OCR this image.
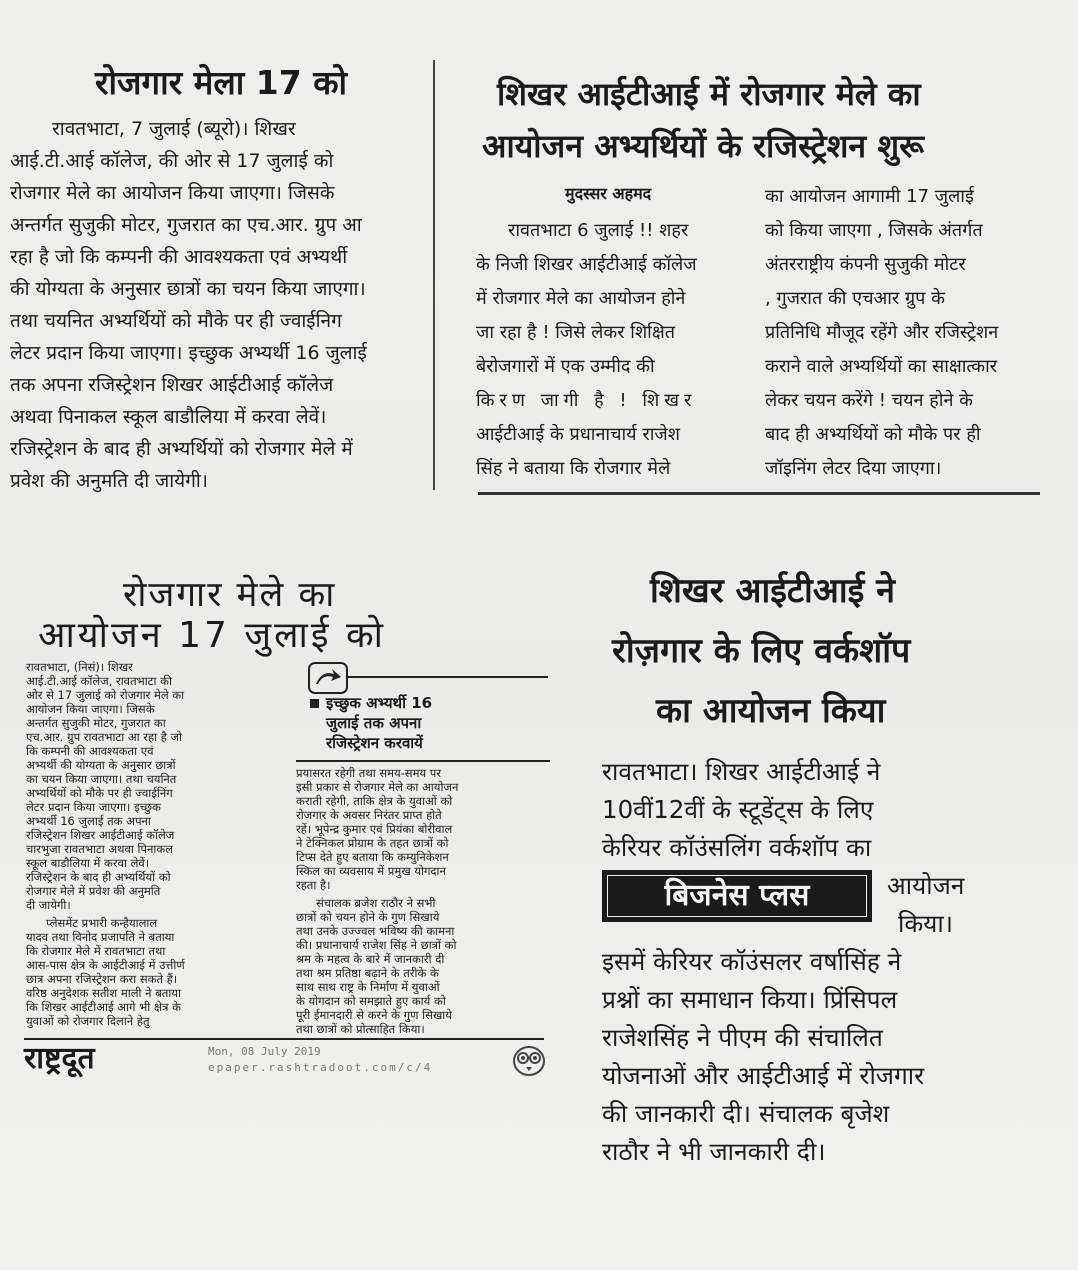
रोजगार मेला 17 को
रावतभाटा, 7 जुलाई (ब्यूरो)। शिखर
आई.टी.आई कॉलेज, की ओर से 17 जुलाई को
रोजगार मेले का आयोजन किया जाएगा। जिसके
अन्तर्गत सुजुकी मोटर, गुजरात का एच.आर. ग्रुप आ
रहा है जो कि कम्पनी की आवश्यकता एवं अभ्यर्थी
की योग्यता के अनुसार छात्रों का चयन किया जाएगा।
तथा चयनित अभ्यर्थियों को मौके पर ही ज्वाईनिग
लेटर प्रदान किया जाएगा। इच्छुक अभ्यर्थी 16 जुलाई
तक अपना रजिस्ट्रेशन शिखर आईटीआई कॉलेज
अथवा पिनाकल स्कूल बाडौलिया में करवा लेवें।
रजिस्ट्रेशन के बाद ही अभ्यर्थियों को रोजगार मेले में
प्रवेश की अनुमति दी जायेगी।
शिखर आईटीआई में रोजगार मेले का
आयोजन अभ्यर्थियों के रजिस्ट्रेशन शुरू
मुदस्सर अहमद
रावतभाटा 6 जुलाई !! शहर
के निजी शिखर आईटीआई कॉलेज
में रोजगार मेले का आयोजन होने
जा रहा है ! जिसे लेकर शिक्षित
बेरोजगारों में एक उम्मीद की
किरण जागी है ! शिखर
आईटीआई के प्रधानाचार्य राजेश
सिंह ने बताया कि रोजगार मेले
का आयोजन आगामी 17 जुलाई
को किया जाएगा , जिसके अंतर्गत
अंतरराष्ट्रीय कंपनी सुजुकी मोटर
, गुजरात की एचआर ग्रुप के
प्रतिनिधि मौजूद रहेंगे और रजिस्ट्रेशन
कराने वाले अभ्यर्थियों का साक्षात्कार
लेकर चयन करेंगे ! चयन होने के
बाद ही अभ्यर्थियों को मौके पर ही
जॉइनिंग लेटर दिया जाएगा।
रोजगार मेले का
आयोजन 17 जुलाई को
रावतभाटा, (निसं)। शिखर
आई.टी.आई कॉलेज, रावतभाटा की
ओर से 17 जुलाई को रोजगार मेले का
आयोजन किया जाएगा। जिसके
अन्तर्गत सुजुकी मोटर, गुजरात का
एच.आर. ग्रुप रावतभाटा आ रहा है जो
कि कम्पनी की आवश्यकता एवं
अभ्यर्थी की योग्यता के अनुसार छात्रों
का चयन किया जाएगा। तथा चयनित
अभ्यर्थियों को मौके पर ही ज्वाईनिंग
लेटर प्रदान किया जाएगा। इच्छुक
अभ्यर्थी 16 जुलाई तक अपना
रजिस्ट्रेशन शिखर आईटीआई कॉलेज
चारभुजा रावतभाटा अथवा पिनाकल
स्कूल बाडौलिया में करवा लेवें।
रजिस्ट्रेशन के बाद ही अभ्यर्थियों को
रोजगार मेले में प्रवेश की अनुमति
दी जायेगी।
प्लेसमेंट प्रभारी कन्हैयालाल
यादव तथा विनोद प्रजापति ने बताया
कि रोजगार मेले में रावतभाटा तथा
आस-पास क्षेत्र के आईटीआई में उत्तीर्ण
छात्र अपना रजिस्ट्रेशन करा सकते हैं।
वरिष्ठ अनुदेशक सतीश माली ने बताया
कि शिखर आईटीआई आगे भी क्षेत्र के
युवाओं को रोजगार दिलाने हेतु
इच्छुक अभ्यर्थी 16
जुलाई तक अपना
रजिस्ट्रेशन करवायें
प्रयासरत रहेगी तथा समय-समय पर
इसी प्रकार से रोजगार मेले का आयोजन
कराती रहेगी, ताकि क्षेत्र के युवाओं को
रोजगार के अवसर निरंतर प्राप्त होते
रहें। भूपेन्द्र कुमार एवं प्रियंका बोरीवाल
ने टेक्निकल प्रोग्राम के तहत छात्रों को
टिप्स देते हुए बताया कि कम्युनिकेशन
स्किल का व्यवसाय में प्रमुख योगदान
रहता है।
संचालक ब्रजेश राठौर ने सभी
छात्रों को चयन होने के गुण सिखाये
तथा उनके उज्ज्वल भविष्य की कामना
की। प्रधानाचार्य राजेश सिंह ने छात्रों को
श्रम के महत्व के बारे में जानकारी दी
तथा श्रम प्रतिष्ठा बढ़ाने के तरीके के
साथ साथ राष्ट्र के निर्माण में युवाओं
के योगदान को समझाते हुए कार्य को
पूरी ईमानदारी से करने के गुण सिखाये
तथा छात्रों को प्रोत्साहित किया।
राष्ट्रदूत	Mon, 08 July 2019
epaper.rashtradoot.com/c/4
शिखर आईटीआई ने
रोज़गार के लिए वर्कशॉप
का आयोजन किया
रावतभाटा। शिखर आईटीआई ने
10वीं12वीं के स्टूडेंट्स के लिए
केरियर कॉउंसलिंग वर्कशॉप का
बिजनेस प्लस	आयोजन
किया।
इसमें केरियर कॉउंसलर वर्षासिंह ने
प्रश्नों का समाधान किया। प्रिंसिपल
राजेशसिंह ने पीएम की संचालित
योजनाओं और आईटीआई में रोजगार
की जानकारी दी। संचालक बृजेश
राठौर ने भी जानकारी दी।
